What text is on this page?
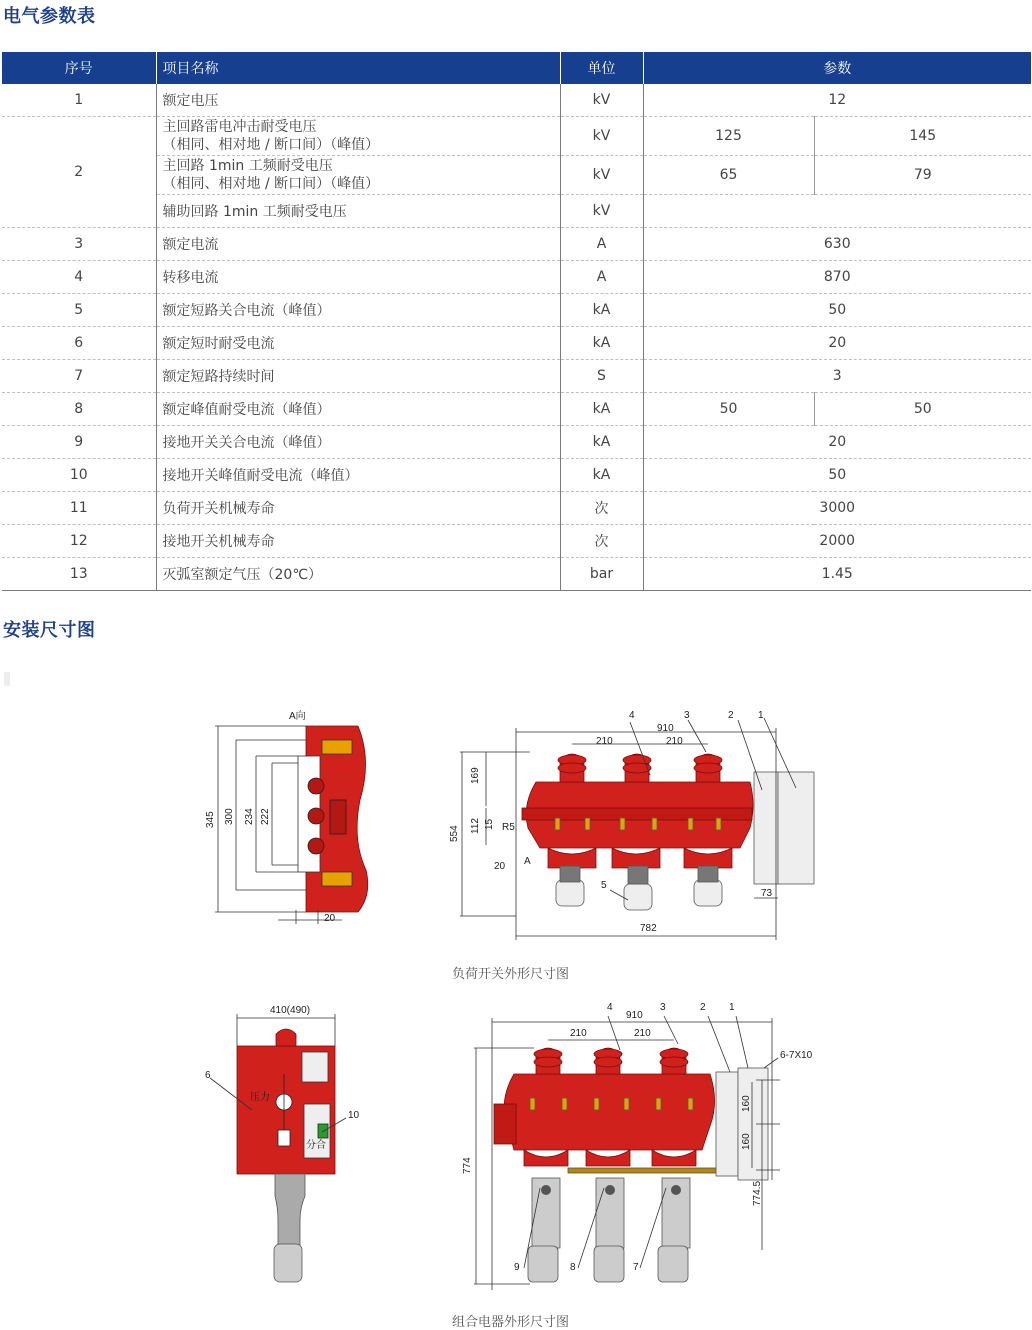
电气参数表
序号	项目名称	单位	参数	
1	额定电压	kV	12	
2	主回路雷电冲击耐受电压
（相同、相对地 / 断口间）（峰值）	kV	125	145

	主回路 1min 工频耐受电压
（相同、相对地 / 断口间）（峰值）	kV	65	79
	辅助回路 1min 工频耐受电压	kV		
3	额定电流	A	630	
4	转移电流	A	870	
5	额定短路关合电流（峰值）	kA	50	
6	额定短时耐受电流	kA	20	
7	额定短路持续时间	S	3	
8	额定峰值耐受电流（峰值）	kA	50	50
9	接地开关关合电流（峰值）	kA	20	
10	接地开关峰值耐受电流（峰值）	kA	50	
11	负荷开关机械寿命	次	3000	
12	接地开关机械寿命	次	2000	
13	灭弧室额定气压（20℃）	bar	1.45	
安装尺寸图
A向
345 300 234 222
20
4	3	2 1
910
210	210
169
554 112 15 R5
20 A
5
73
782
410(490)
6
10
压力
分合
4	3	2 1
910
210	210
6-7X10
160
160
774
774.5
9	8	7
负荷开关外形尺寸图
组合电器外形尺寸图
